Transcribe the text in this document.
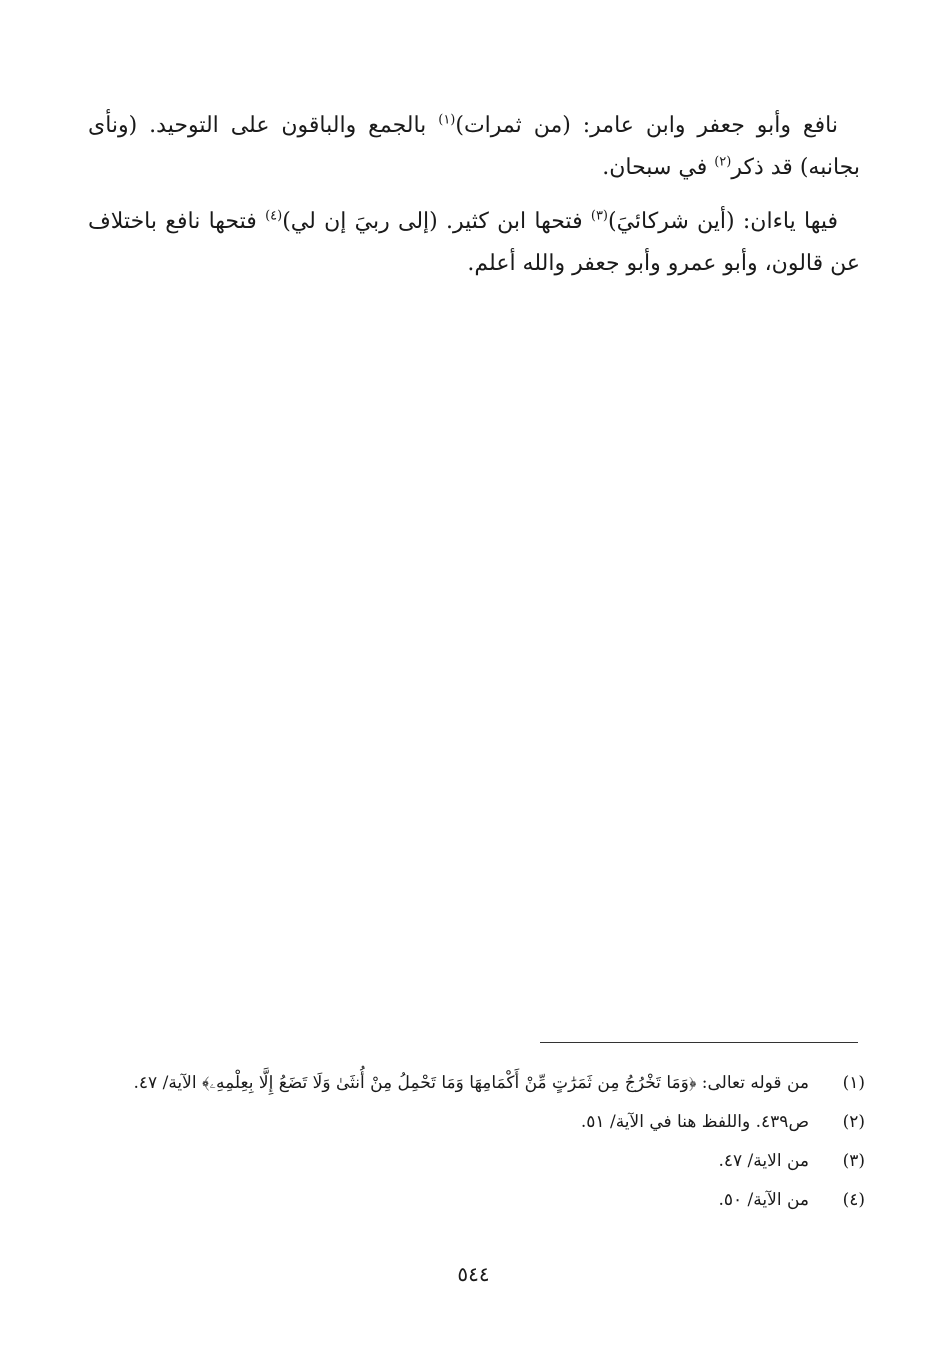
نافع وأبو جعفر وابن عامر: (من ثمرات)$^{(١)}$ بالجمع والباقون على التوحيد. (ونأى بجانبه) قد ذكر$^{(٢)}$ في سبحان.

فيها ياءان: (أين شركائيَ)$^{(٣)}$ فتحها ابن كثير. (إلى ربيَ إن لي)$^{(٤)}$ فتحها نافع باختلاف عن قالون، وأبو عمرو وأبو جعفر والله أعلم.

(١)
من قوله تعالى: ﴿وَمَا تَخْرُجُ مِن ثَمَرَٰتٍ مِّنْ أَكْمَامِهَا وَمَا تَحْمِلُ مِنْ أُنثَىٰ وَلَا تَضَعُ إِلَّا بِعِلْمِهِۦ﴾ الآية/ ٤٧.
(٢)
ص٤٣٩. واللفظ هنا في الآية/ ٥١.
(٣)
من الاية/ ٤٧.
(٤)
من الآية/ ٥٠.
٥٤٤
